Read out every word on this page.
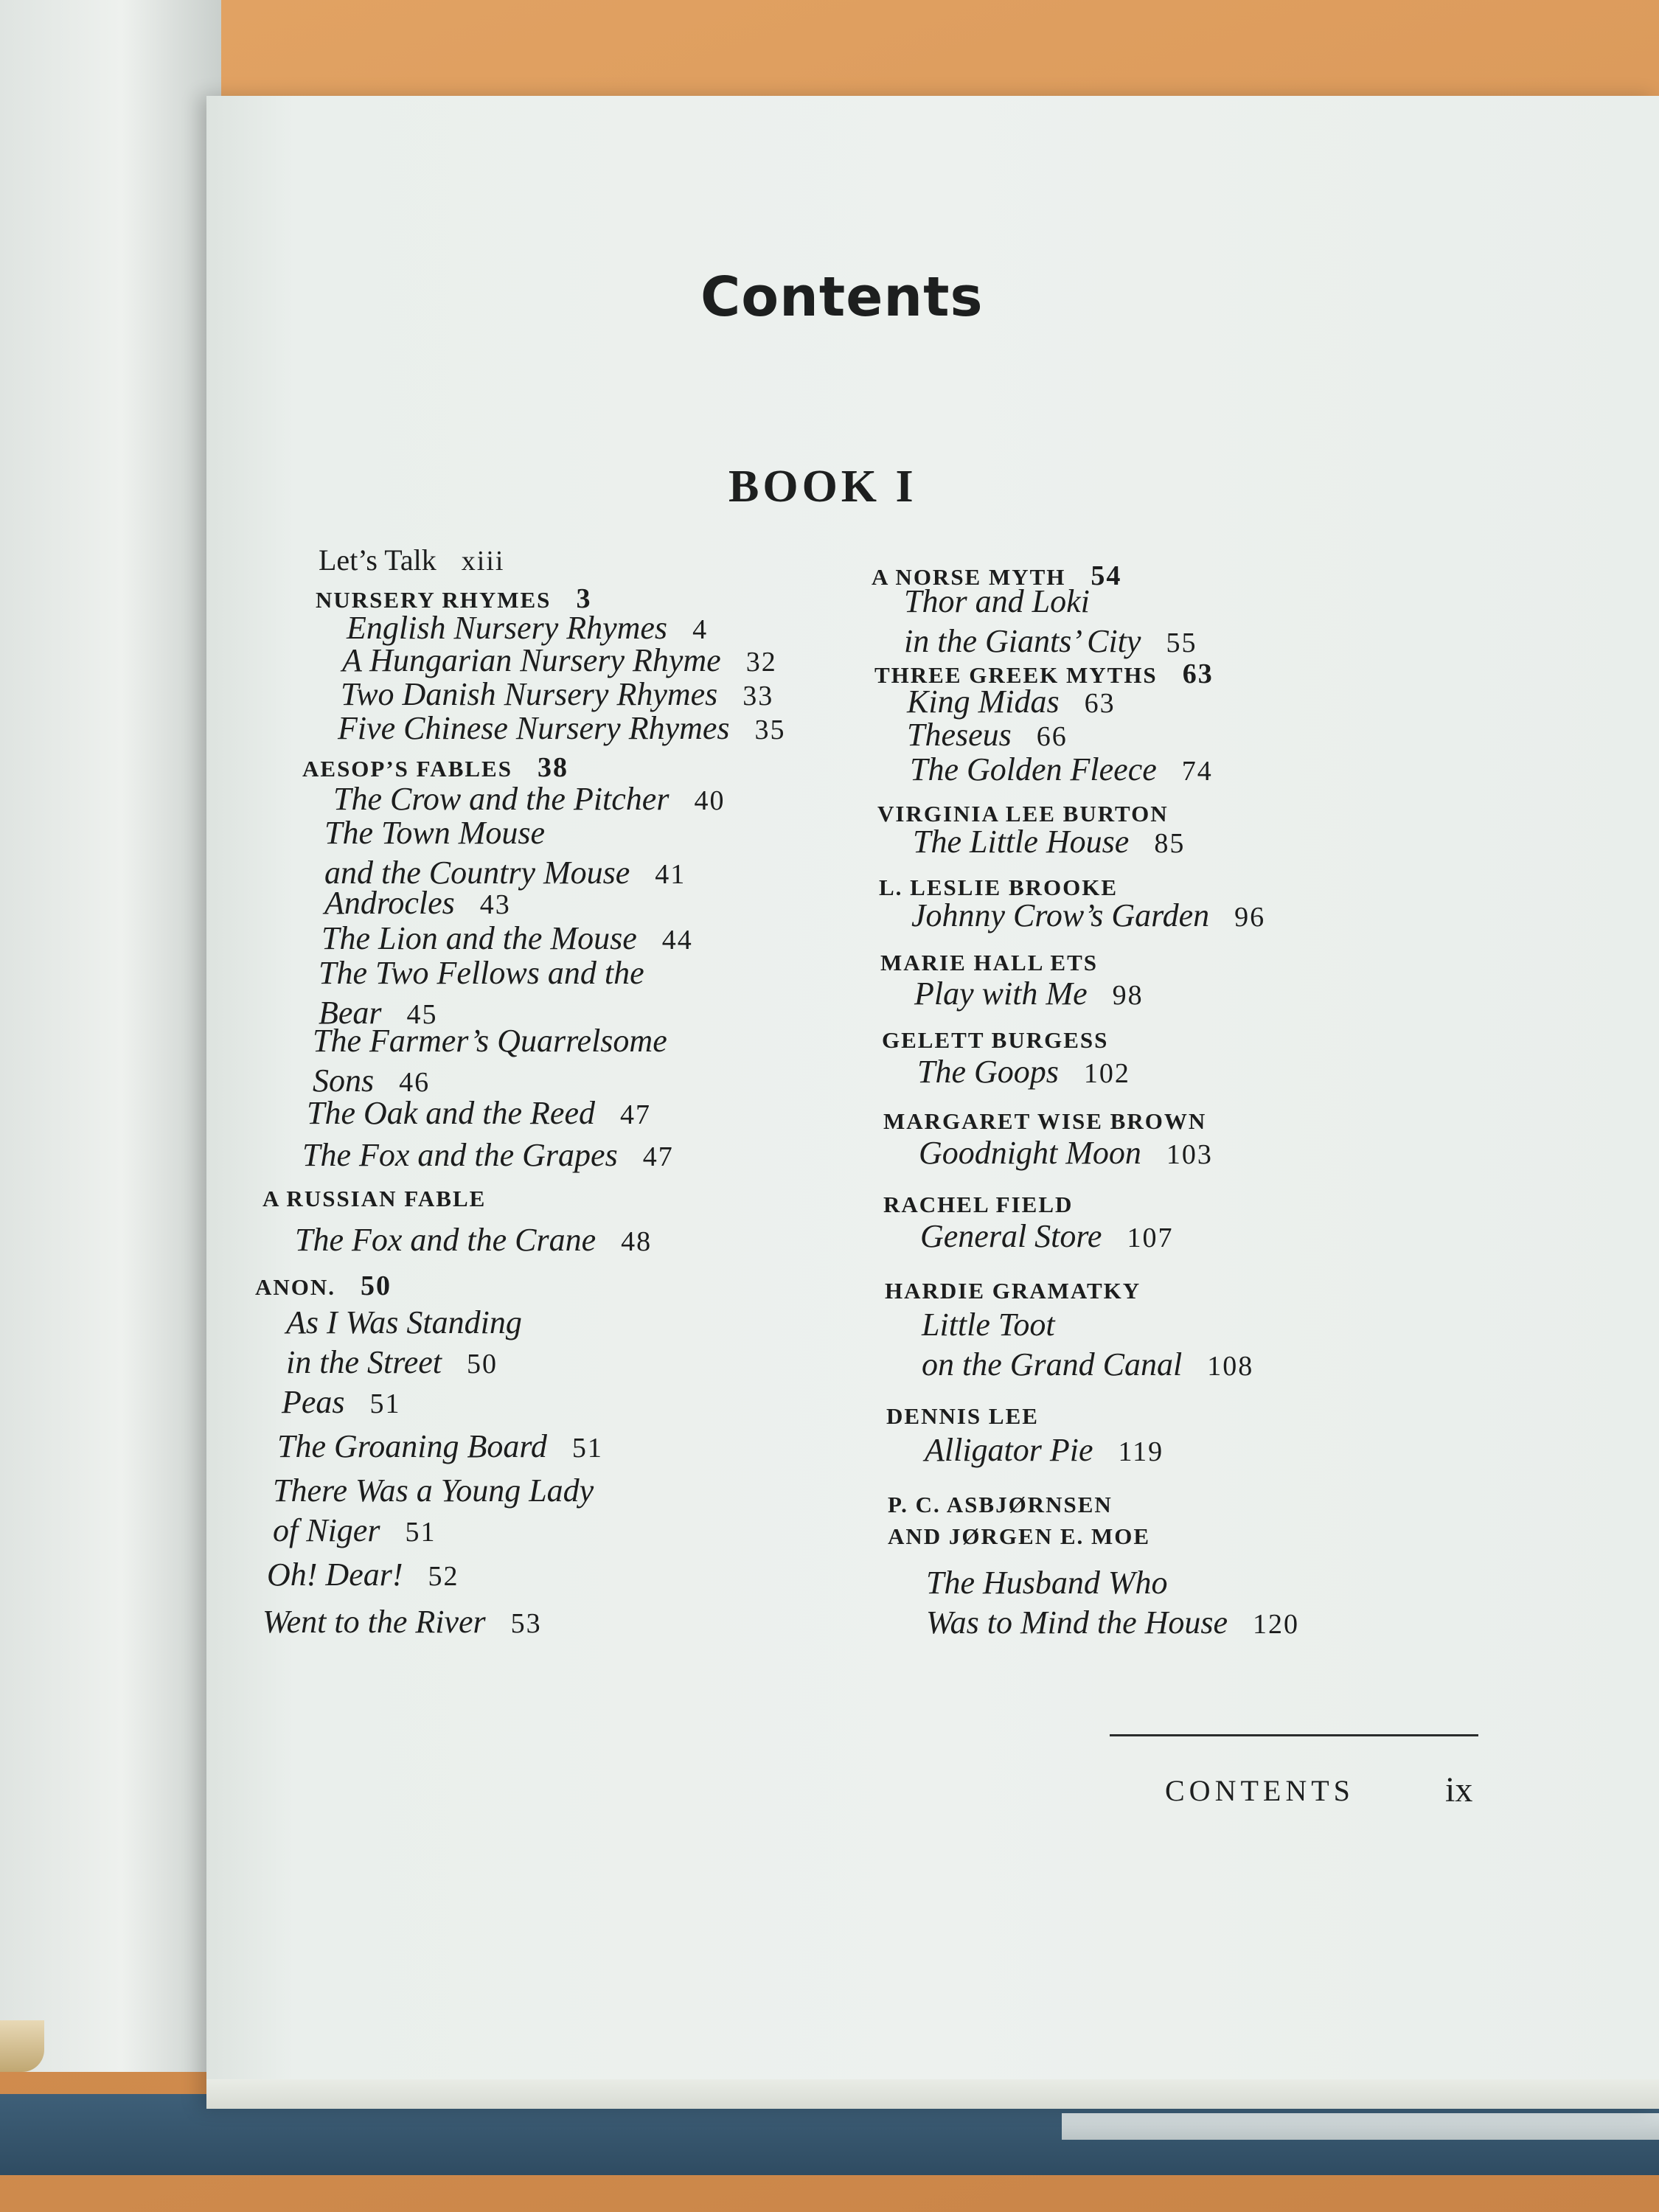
Contents
BOOK I
Let’s Talk xiii
NURSERY RHYMES 3
English Nursery Rhymes 4
A Hungarian Nursery Rhyme 32
Two Danish Nursery Rhymes 33
Five Chinese Nursery Rhymes 35
AESOP’S FABLES 38
The Crow and the Pitcher 40
The Town Mouse
and the Country Mouse 41
Androcles 43
The Lion and the Mouse 44
The Two Fellows and the
Bear 45
The Farmer’s Quarrelsome
Sons 46
The Oak and the Reed 47
The Fox and the Grapes 47
A RUSSIAN FABLE
The Fox and the Crane 48
ANON. 50
As I Was Standing
in the Street 50
Peas 51
The Groaning Board 51
There Was a Young Lady
of Niger 51
Oh! Dear! 52
Went to the River 53
A NORSE MYTH 54
Thor and Loki
in the Giants’ City 55
THREE GREEK MYTHS 63
King Midas 63
Theseus 66
The Golden Fleece 74
VIRGINIA LEE BURTON
The Little House 85
L. LESLIE BROOKE
Johnny Crow’s Garden 96
MARIE HALL ETS
Play with Me 98
GELETT BURGESS
The Goops 102
MARGARET WISE BROWN
Goodnight Moon 103
RACHEL FIELD
General Store 107
HARDIE GRAMATKY
Little Toot
on the Grand Canal 108
DENNIS LEE
Alligator Pie 119
P. C. ASBJØRNSEN
AND JØRGEN E. MOE
The Husband Who
Was to Mind the House 120
CONTENTS	ix
